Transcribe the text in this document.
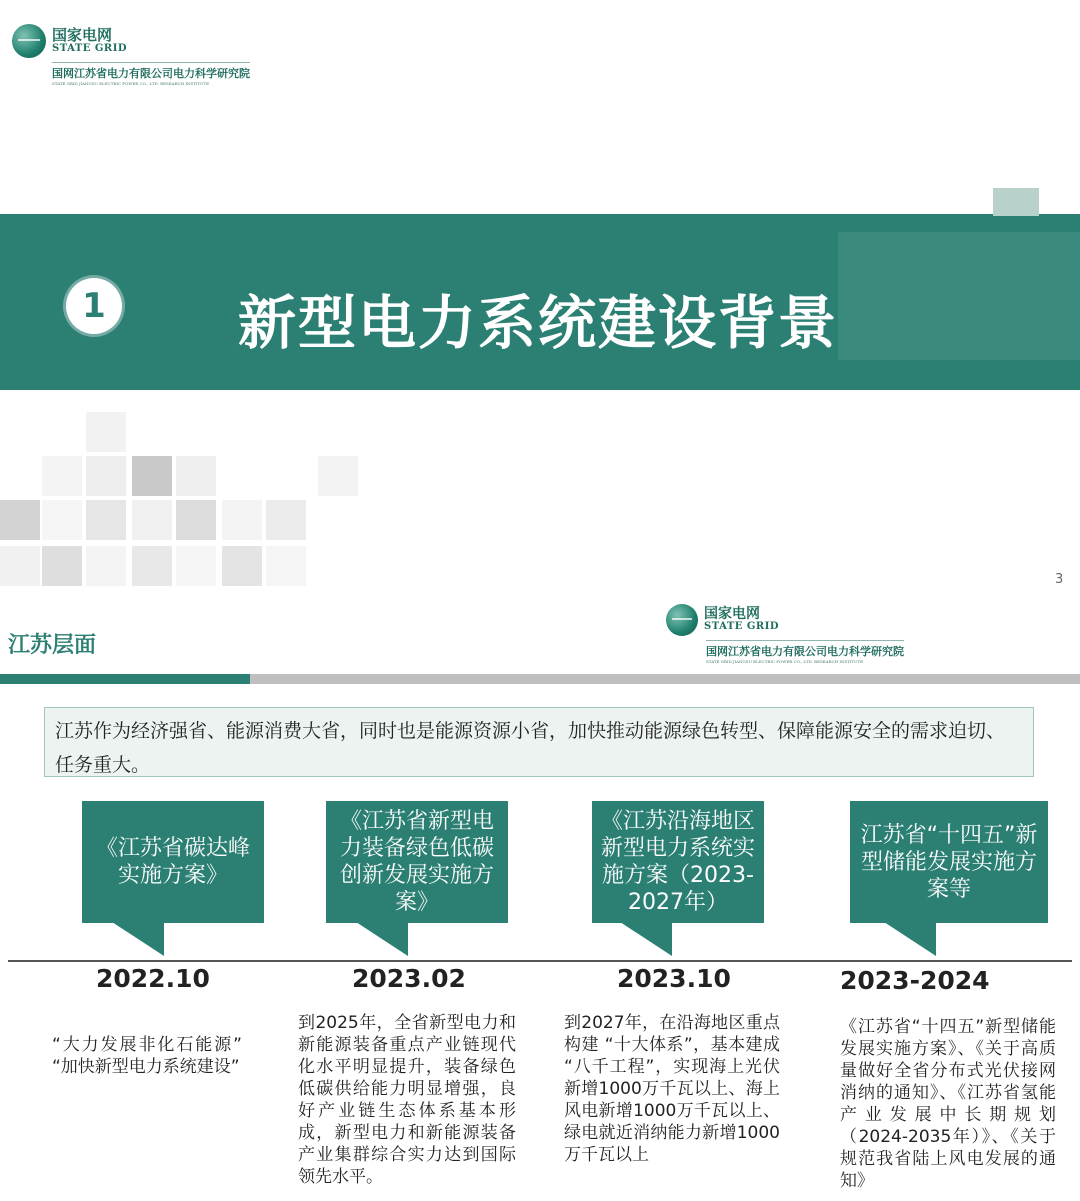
国家电网
STATE GRID
国网江苏省电力有限公司电力科学研究院
STATE GRID JIANGSU ELECTRIC POWER CO., LTD. RESEARCH INSTITUTE
1 新型电力系统建设背景
3
江苏层面
国家电网
STATE GRID
国网江苏省电力有限公司电力科学研究院
STATE GRID JIANGSU ELECTRIC POWER CO., LTD. RESEARCH INSTITUTE
江苏作为经济强省、能源消费大省，同时也是能源资源小省，加快推动能源绿色转型、保障能源安全的需求迫切、任务重大。
《江苏省碳达峰实施方案》
《江苏省新型电力装备绿色低碳创新发展实施方案》
《江苏沿海地区新型电力系统实施方案（2023-2027年）
江苏省“十四五”新型储能发展实施方案等
2022.10	2023.02	2023.10	2023-2024
“大力发展非化石能源” “加快新型电力系统建设”
到2025年，全省新型电力和新能源装备重点产业链现代化水平明显提升，装备绿色低碳供给能力明显增强，良好产业链生态体系基本形成，新型电力和新能源装备产业集群综合实力达到国际领先水平。
到2027年，在沿海地区重点构建 “十大体系”，基本建成 “八千工程”，实现海上光伏新增1000万千瓦以上、海上风电新增1000万千瓦以上、绿电就近消纳能力新增1000万千瓦以上
《江苏省“十四五”新型储能发展实施方案》、《关于高质量做好全省分布式光伏接网消纳的通知》、《江苏省氢能产业发展中长期规划（2024-2035年）》、《关于规范我省陆上风电发展的通知》
